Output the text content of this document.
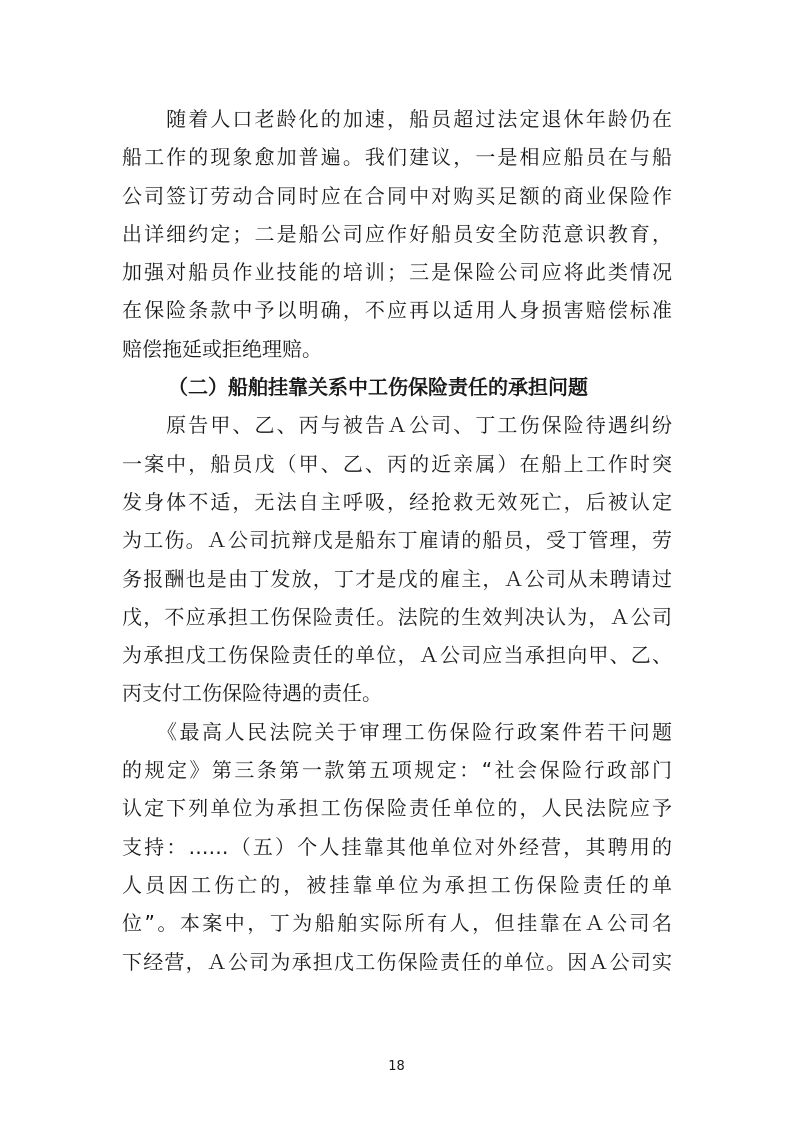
　　随着人口老龄化的加速，船员超过法定退休年龄仍在
船工作的现象愈加普遍。我们建议，一是相应船员在与船
公司签订劳动合同时应在合同中对购买足额的商业保险作
出详细约定；二是船公司应作好船员安全防范意识教育，
加强对船员作业技能的培训；三是保险公司应将此类情况
在保险条款中予以明确，不应再以适用人身损害赔偿标准
赔偿拖延或拒绝理赔。
（二）船舶挂靠关系中工伤保险责任的承担问题
　　原告甲、乙、丙与被告Ａ公司、丁工伤保险待遇纠纷
一案中，船员戊（甲、乙、丙的近亲属）在船上工作时突
发身体不适，无法自主呼吸，经抢救无效死亡，后被认定
为工伤。Ａ公司抗辩戊是船东丁雇请的船员，受丁管理，劳
务报酬也是由丁发放，丁才是戊的雇主，Ａ公司从未聘请过
戊，不应承担工伤保险责任。法院的生效判决认为，Ａ公司
为承担戊工伤保险责任的单位，Ａ公司应当承担向甲、乙、
丙支付工伤保险待遇的责任。
　　《最高人民法院关于审理工伤保险行政案件若干问题
的规定》第三条第一款第五项规定：“社会保险行政部门
认定下列单位为承担工伤保险责任单位的，人民法院应予
支持：……（五）个人挂靠其他单位对外经营，其聘用的
人员因工伤亡的，被挂靠单位为承担工伤保险责任的单
位”。本案中，丁为船舶实际所有人，但挂靠在Ａ公司名
下经营，Ａ公司为承担戊工伤保险责任的单位。因Ａ公司实
18
